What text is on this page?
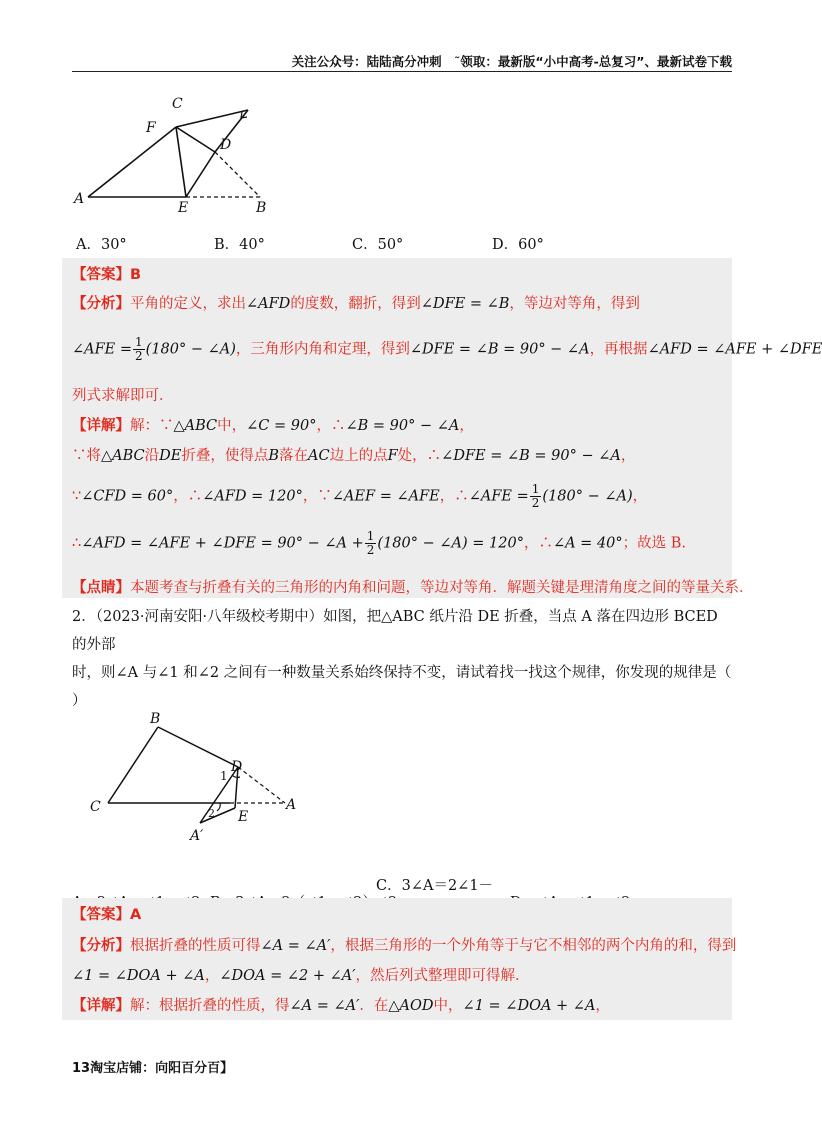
关注公众号：陆陆高分冲刺　˜领取：最新版“小中高考-总复习”、最新试卷下载
A
B
C
D
E
F
A．30°	B．40°	C．50°	D．60°
【答案】B
【分析】平角的定义，求出∠AFD的度数，翻折，得到∠DFE = ∠B，等边对等角，得到
∠AFE = $\frac{1}{2} (180^\circ$ − ∠A)，三角形内角和定理，得到∠DFE = ∠B = 90° − ∠A，再根据∠AFD = ∠AFE + ∠DFE
列式求解即可．
【详解】解：∵△ABC中，∠C = 90°，∴∠B = 90° − ∠A，
∵将△ABC沿DE折叠，使得点B落在AC边上的点F处，∴∠DFE = ∠B = 90° − ∠A，
∵∠CFD = 60°，∴∠AFD = 120°，∵∠AEF = ∠AFE，∴∠AFE = $\frac{1}{2} (180^\circ$ − ∠A)，
∴∠AFD = ∠AFE + ∠DFE = 90° − ∠A + $\frac{1}{2} (180^\circ$ − ∠A) = 120°，∴∠A = 40°；故选 B.
【点睛】本题考查与折叠有关的三角形的内角和问题，等边对等角．解题关键是理清角度之间的等量关系．
2．（2023·河南安阳·八年级校考期中）如图，把△ABC 纸片沿 DE 折叠，当点 A 落在四边形 BCED 的外部
时，则∠A 与∠1 和∠2 之间有一种数量关系始终保持不变，请试着找一找这个规律，你发现的规律是（
）
B
C
D
E
A
A′
1
2
C．3∠A＝2∠1－
【答案】A
【分析】根据折叠的性质可得∠A = ∠A′，根据三角形的一个外角等于与它不相邻的两个内角的和，得到
∠1 = ∠DOA + ∠A，∠DOA = ∠2 + ∠A′，然后列式整理即可得解．
【详解】解：根据折叠的性质，得∠A = ∠A′．在△AOD中，∠1 = ∠DOA + ∠A，
13淘宝店铺：向阳百分百】
